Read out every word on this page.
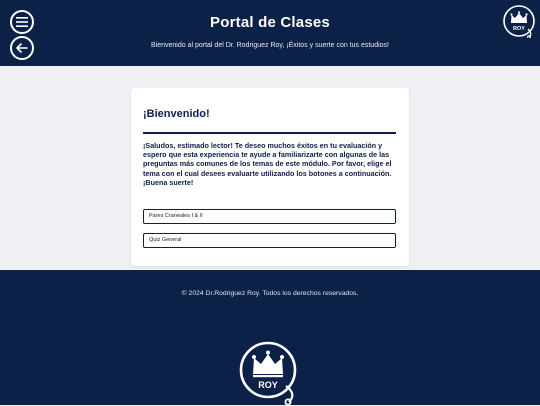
Portal de Clases
Bienvenido al portal del Dr. Rodriguez Roy, ¡Éxitos y suerte con tus estudios!
ROY
¡Bienvenido!
¡Saludos, estimado lector! Te deseo muchos éxitos en tu evaluación y espero que esta experiencia te ayude a familiarizarte con algunas de las preguntas más comunes de los temas de este módulo. Por favor, elige el tema con el cual desees evaluarte utilizando los botones a continuación. ¡Buena suerte!
Pares Craneales I & II
Quiz General
© 2024 Dr.Rodriguez Roy. Todos los derechos reservados.
ROY
